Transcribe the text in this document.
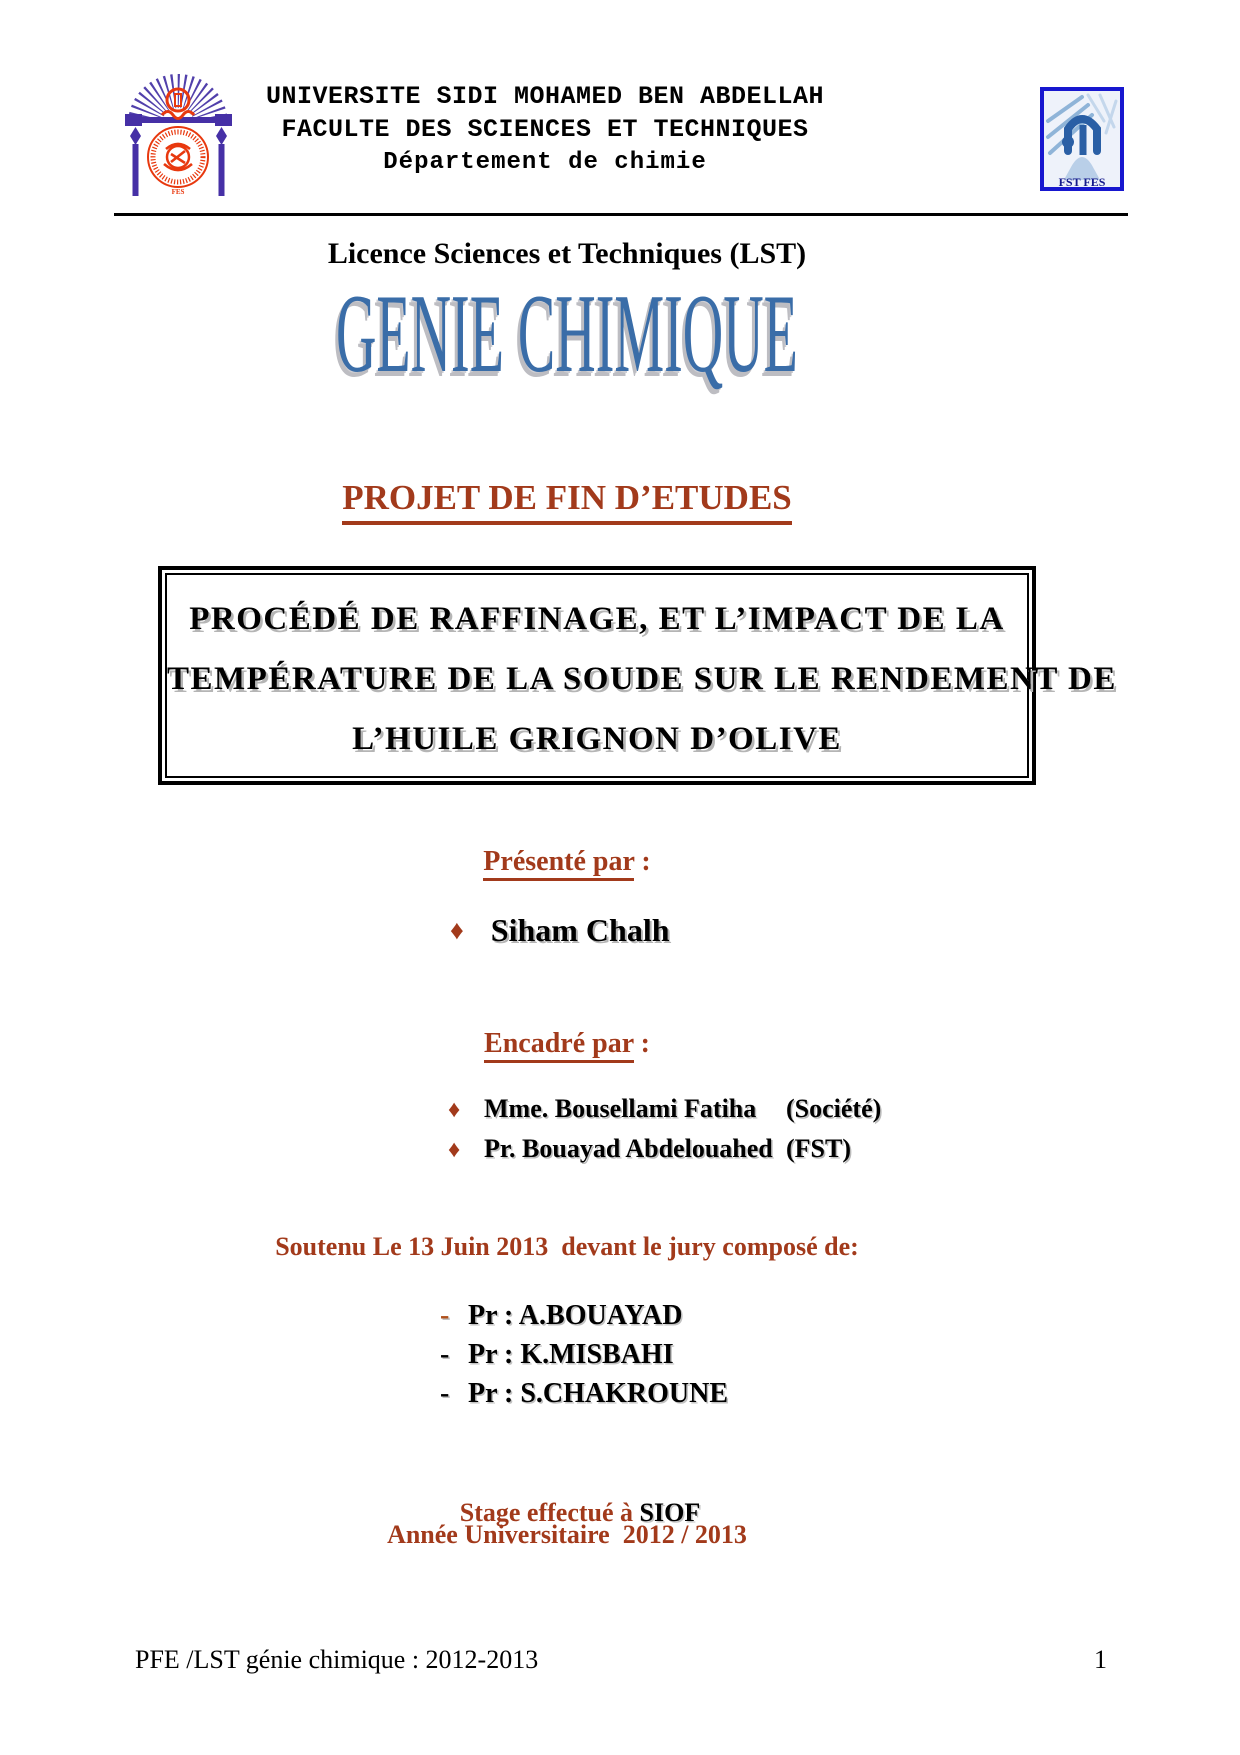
FES
UNIVERSITE SIDI MOHAMED BEN ABDELLAH
FACULTE DES SCIENCES ET TECHNIQUES
Département de chimie
FST FES
Licence Sciences et Techniques (LST)
GENIE CHIMIQUE
PROJET DE FIN D’ETUDES
PROCÉDÉ DE RAFFINAGE, ET L’IMPACT DE LA
TEMPÉRATURE DE LA SOUDE SUR LE RENDEMENT DE
L’HUILE GRIGNON D’OLIVE
Présenté par :
♦ Siham Chalh
Encadré par :
♦ Mme. Bousellami Fatiha	(Société)
♦ Pr. Bouayad Abdelouahed (FST)
Soutenu Le 13 Juin 2013  devant le jury composé de:
- Pr : A.BOUAYAD
- Pr : K.MISBAHI
- Pr : S.CHAKROUNE

Stage effectué à SIOF

Année Universitaire  2012 / 2013
PFE /LST génie chimique : 2012-2013	1
